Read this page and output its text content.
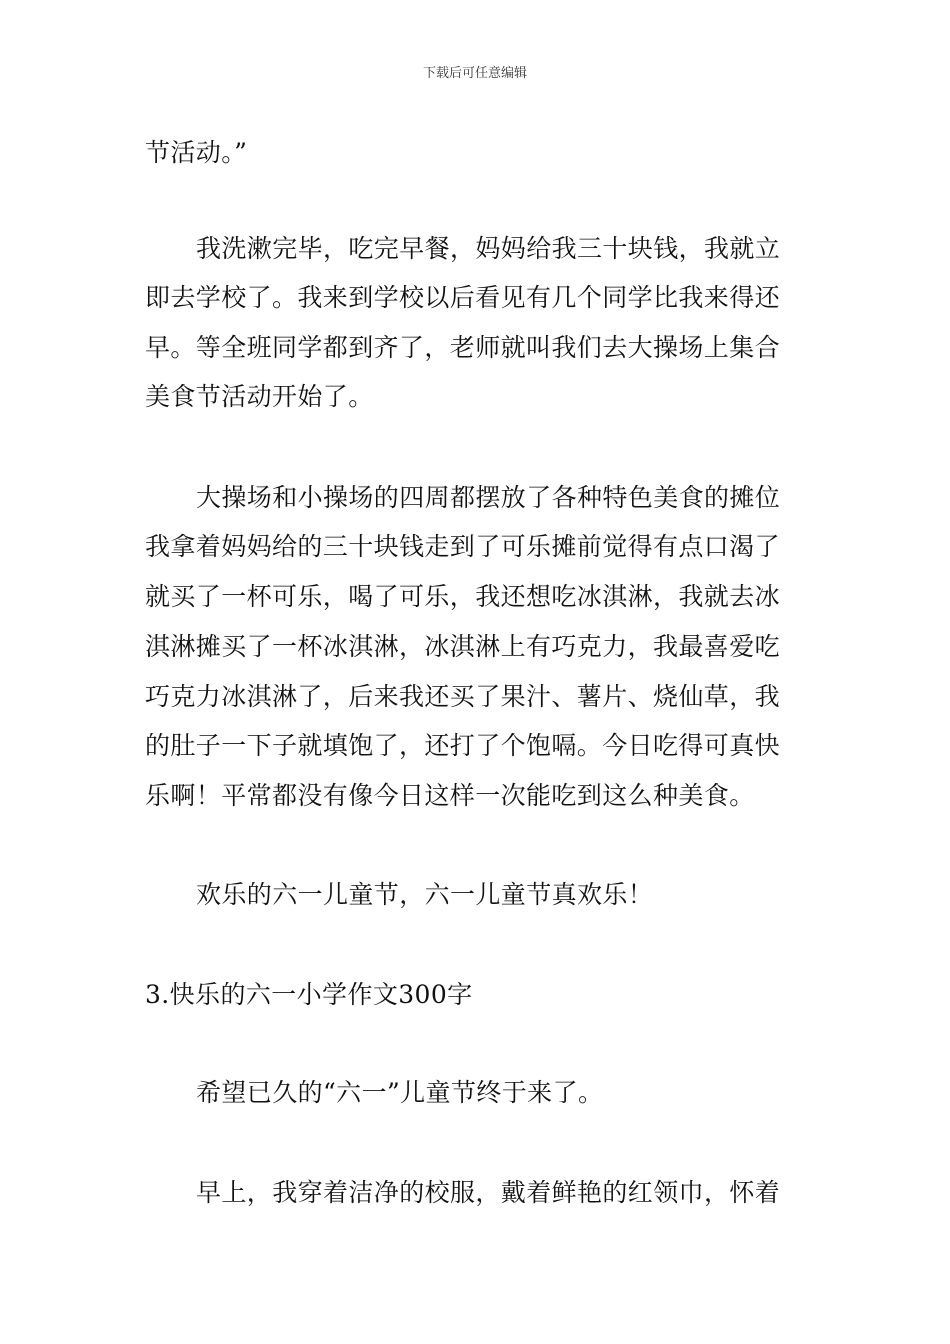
下载后可任意编辑
节活动。”
我洗漱完毕，吃完早餐，妈妈给我三十块钱，我就立
即去学校了。我来到学校以后看见有几个同学比我来得还
早。等全班同学都到齐了，老师就叫我们去大操场上集合
美食节活动开始了。
大操场和小操场的四周都摆放了各种特色美食的摊位
我拿着妈妈给的三十块钱走到了可乐摊前觉得有点口渴了
就买了一杯可乐，喝了可乐，我还想吃冰淇淋，我就去冰
淇淋摊买了一杯冰淇淋，冰淇淋上有巧克力，我最喜爱吃
巧克力冰淇淋了，后来我还买了果汁、薯片、烧仙草，我
的肚子一下子就填饱了，还打了个饱嗝。今日吃得可真快
乐啊！平常都没有像今日这样一次能吃到这么种美食。
欢乐的六一儿童节，六一儿童节真欢乐！
3.快乐的六一小学作文300字
希望已久的“六一”儿童节终于来了。
早上，我穿着洁净的校服，戴着鲜艳的红领巾，怀着
